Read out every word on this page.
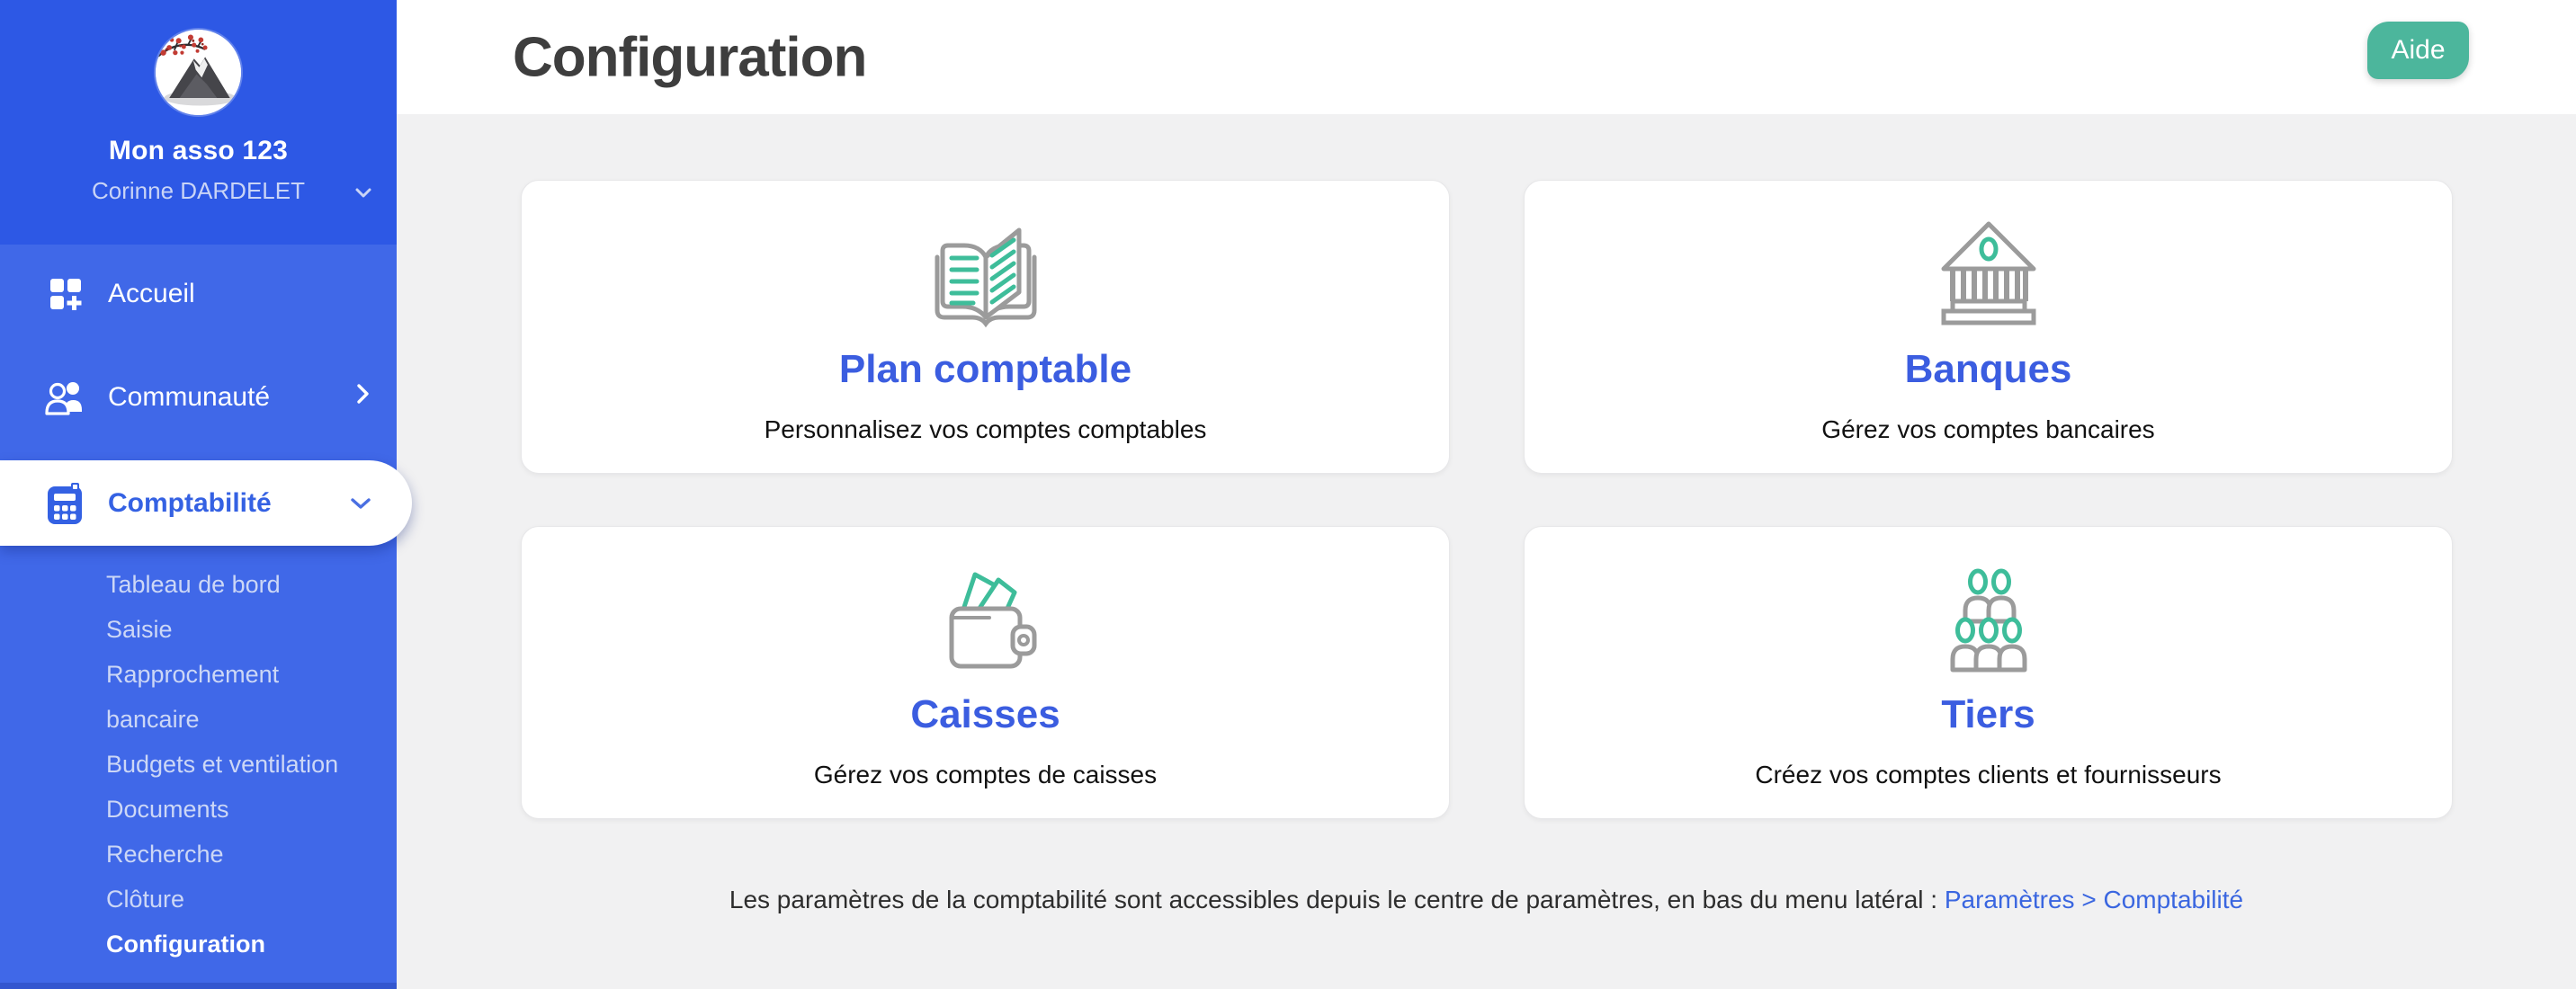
Mon asso 123
Corinne DARDELET
Accueil
Communauté
Comptabilité
Tableau de bord
Saisie
Rapprochement bancaire
Budgets et ventilation
Documents
Recherche
Clôture
Configuration
Configuration	Aide
Plan comptable
Personnalisez vos comptes comptables
Banques
Gérez vos comptes bancaires
Caisses
Gérez vos comptes de caisses
Tiers
Créez vos comptes clients et fournisseurs

Les paramètres de la comptabilité sont accessibles depuis le centre de paramètres, en bas du menu latéral : Paramètres > Comptabilité
